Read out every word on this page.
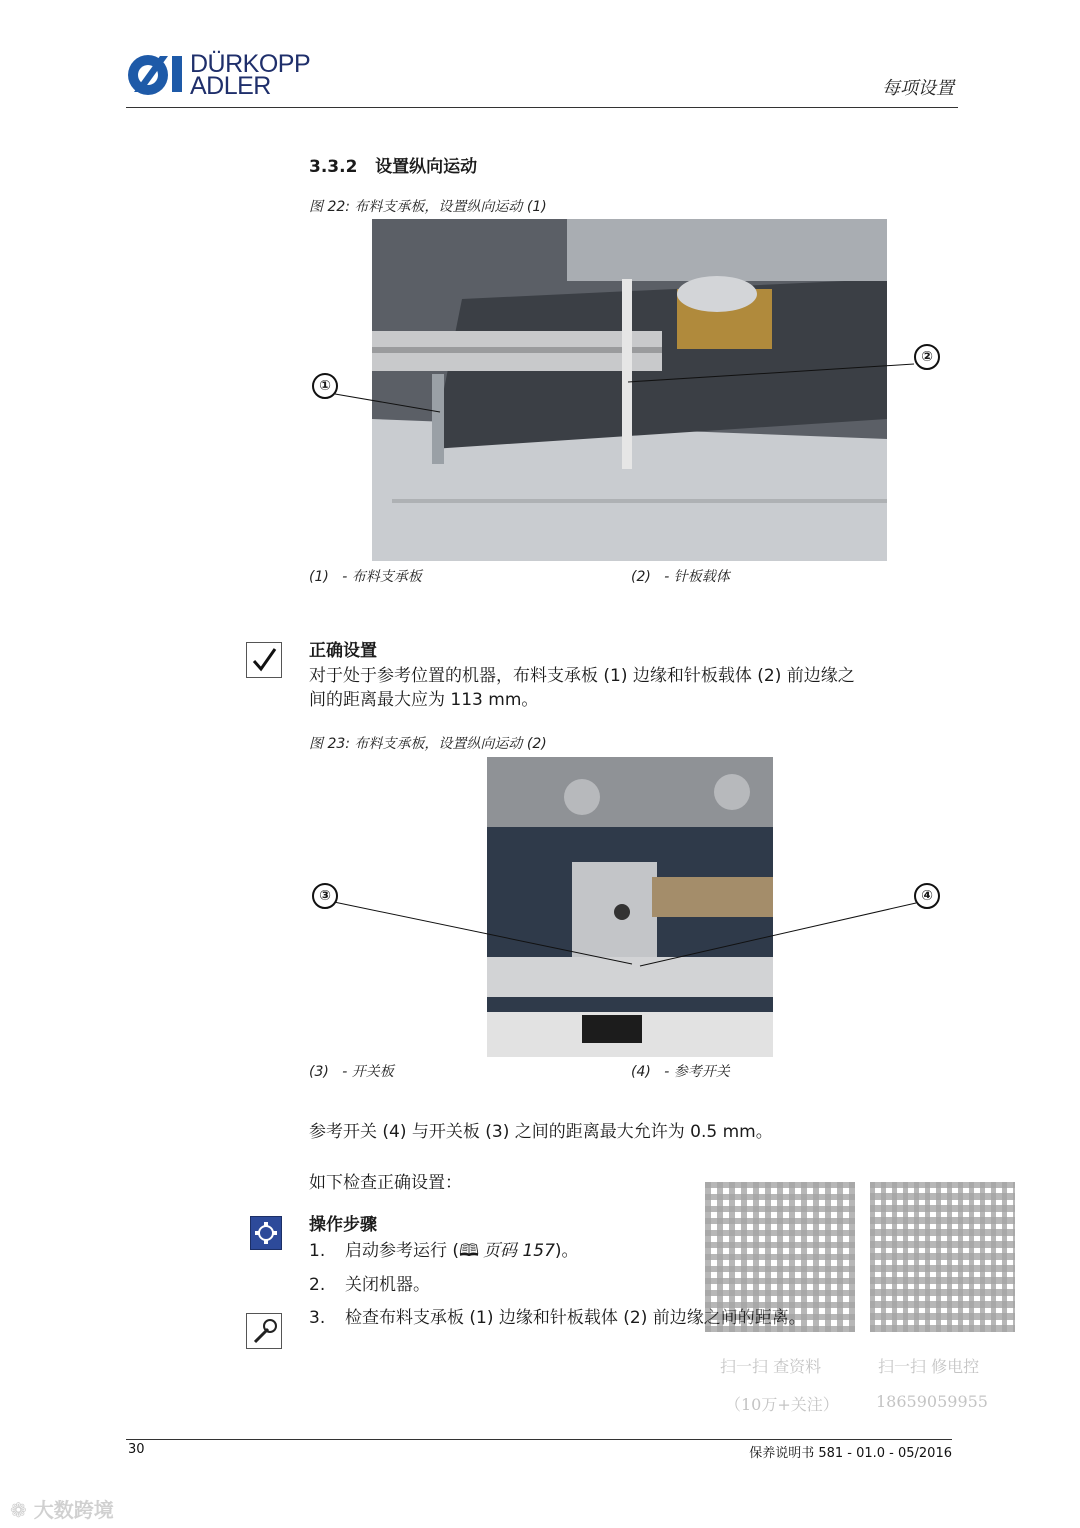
DÜRKOPP
ADLER	每项设置
3.3.2 设置纵向运动
图 22: 布料支承板，设置纵向运动 (1)
①
②
(1) - 布料支承板	(2) - 针板载体
正确设置
对于处于参考位置的机器，布料支承板 (1) 边缘和针板载体 (2) 前边缘之
间的距离最大应为 113 mm。
图 23: 布料支承板，设置纵向运动 (2)
③	④
(3) - 开关板	(4) - 参考开关
参考开关 (4) 与开关板 (3) 之间的距离最大允许为 0.5 mm。
如下检查正确设置：
操作步骤
1. 启动参考运行 (🕮 页码 157)。
2. 关闭机器。
3. 检查布料支承板 (1) 边缘和针板载体 (2) 前边缘之间的距离。
扫一扫 查资料
（10万+关注）
扫一扫 修电控
18659059955
30	保养说明书 581 - 01.0 - 05/2016
❁ 大数跨境
